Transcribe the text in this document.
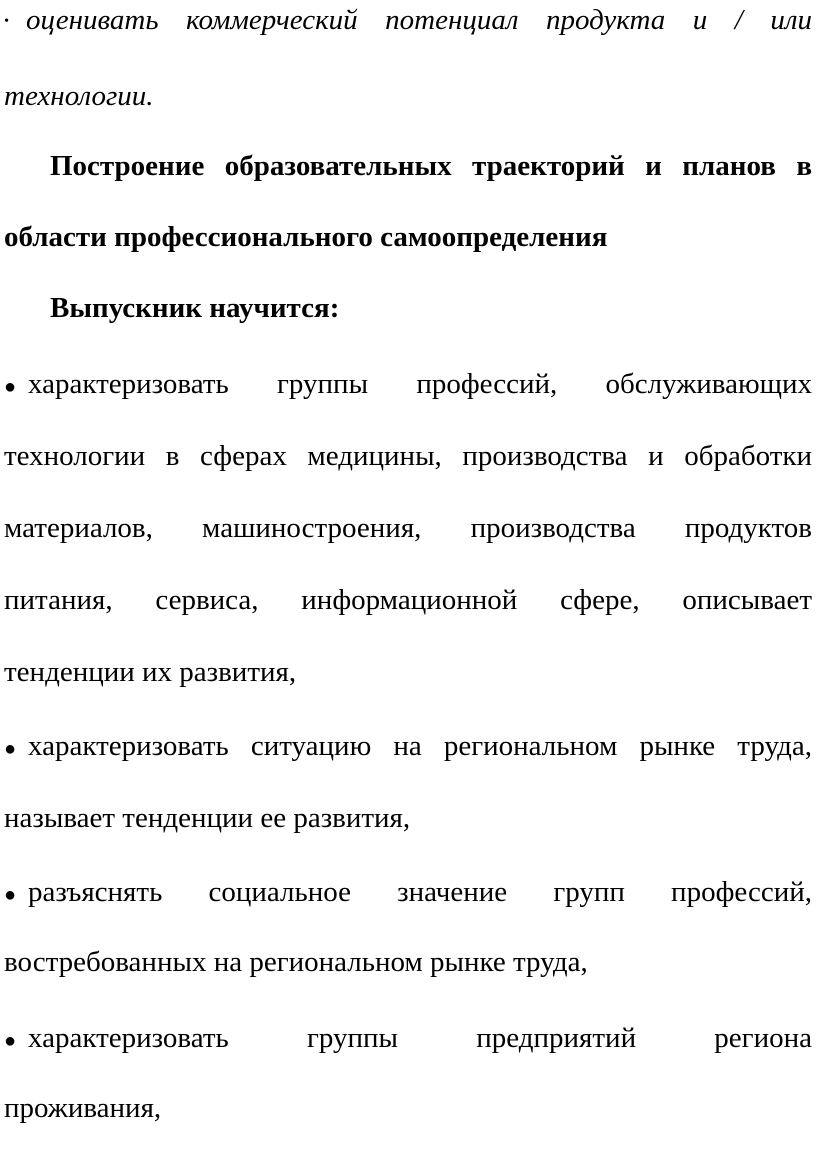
• оценивать коммерческий потенциал продукта и / или
технологии.
Построение образовательных траекторий и планов в
области профессионального самоопределения
Выпускник научится:
● характеризовать группы профессий, обслуживающих
технологии в сферах медицины, производства и обработки
материалов, машиностроения, производства продуктов
питания, сервиса, информационной сфере, описывает
тенденции их развития,
● характеризовать ситуацию на региональном рынке труда,
называет тенденции ее развития,
● разъяснять социальное значение групп профессий,
востребованных на региональном рынке труда,
● характеризовать группы предприятий региона
проживания,
